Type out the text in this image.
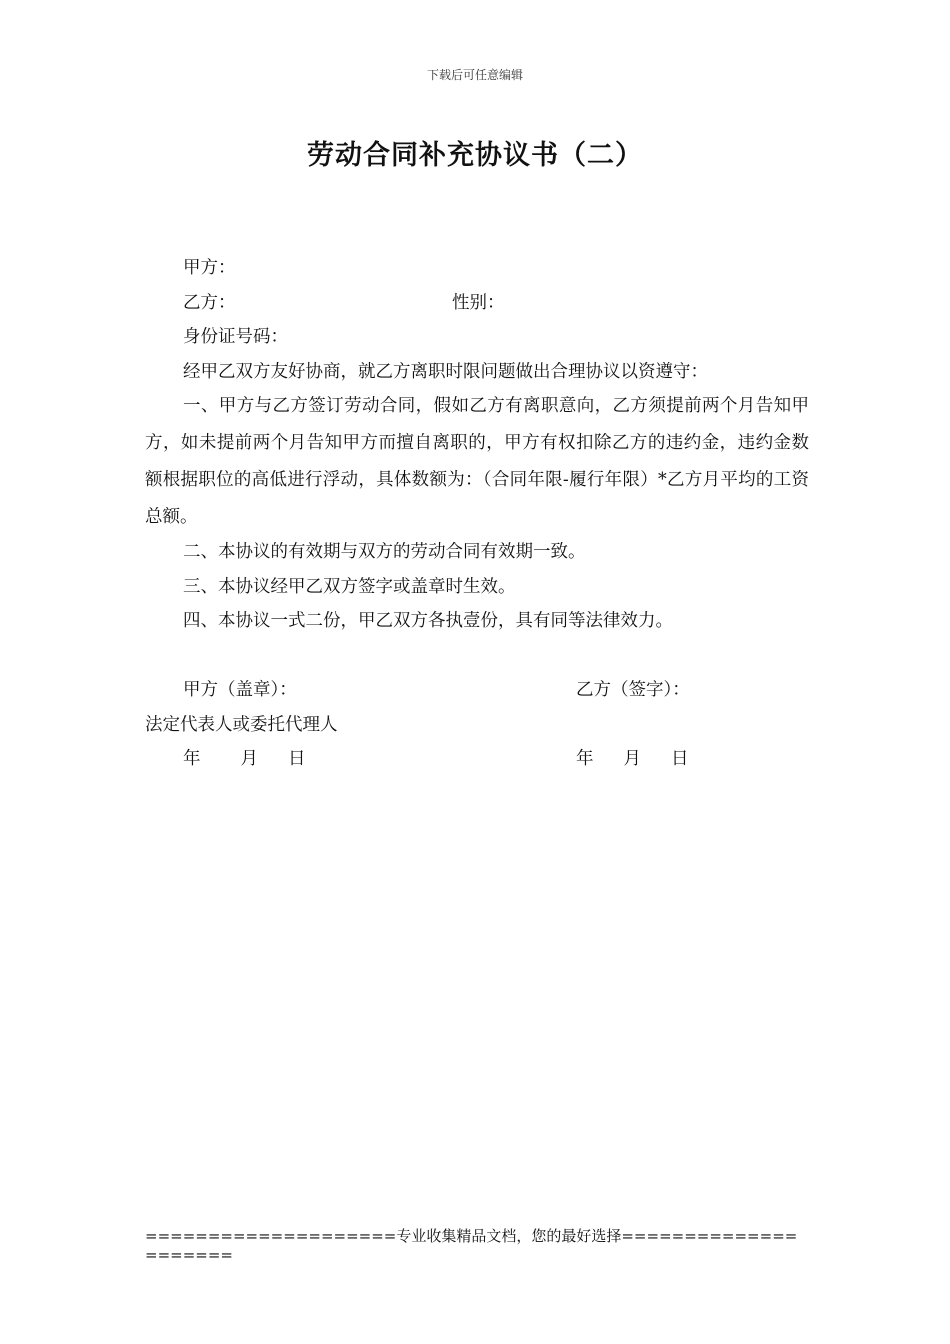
下载后可任意编辑
劳动合同补充协议书（二）
甲方：
乙方：	性别：
身份证号码：
经甲乙双方友好协商，就乙方离职时限问题做出合理协议以资遵守：
一、甲方与乙方签订劳动合同，假如乙方有离职意向，乙方须提前两个月告知甲方，如未提前两个月告知甲方而擅自离职的，甲方有权扣除乙方的违约金，违约金数额根据职位的高低进行浮动，具体数额为：（合同年限-履行年限）*乙方月平均的工资总额。
二、本协议的有效期与双方的劳动合同有效期一致。
三、本协议经甲乙双方签字或盖章时生效。
四、本协议一式二份，甲乙双方各执壹份，具有同等法律效力。
甲方（盖章）：	乙方（签字）：
法定代表人或委托代理人
年 月 日	年 月 日
====================专业收集精品文档，您的最好选择=====================
